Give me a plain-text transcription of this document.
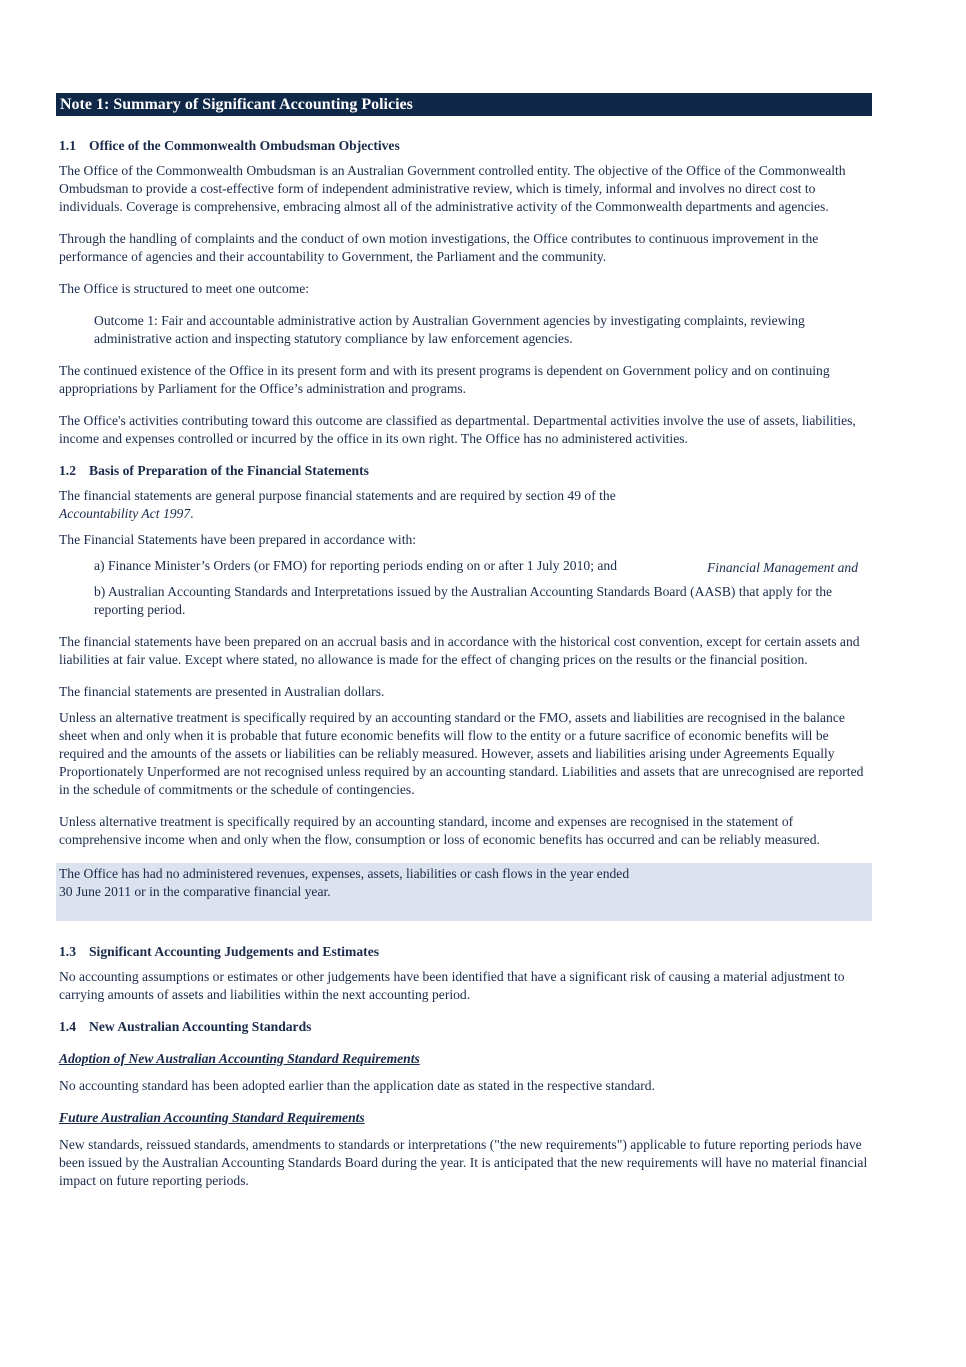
Note 1: Summary of Significant Accounting Policies
1.1 Office of the Commonwealth Ombudsman Objectives

The Office of the Commonwealth Ombudsman is an Australian Government controlled entity. The objective of the Office of the Commonwealth Ombudsman to provide a cost-effective form of independent administrative review, which is timely, informal and involves no direct cost to individuals. Coverage is comprehensive, embracing almost all of the administrative activity of the Commonwealth departments and agencies.

Through the handling of complaints and the conduct of own motion investigations, the Office contributes to continuous improvement in the performance of agencies and their accountability to Government, the Parliament and the community.

The Office is structured to meet one outcome:

Outcome 1: Fair and accountable administrative action by Australian Government agencies by investigating complaints, reviewing administrative action and inspecting statutory compliance by law enforcement agencies.

The continued existence of the Office in its present form and with its present programs is dependent on Government policy and on continuing appropriations by Parliament for the Office’s administration and programs.

The Office's activities contributing toward this outcome are classified as departmental. Departmental activities involve the use of assets, liabilities, income and expenses controlled or incurred by the office in its own right. The Office has no administered activities.

1.2 Basis of Preparation of the Financial Statements

The financial statements are general purpose financial statements and are required by section 49 of the
Accountability Act 1997.

The Financial Statements have been prepared in accordance with:

a) Finance Minister’s Orders (or FMO) for reporting periods ending on or after 1 July 2010; and	Financial Management and

b) Australian Accounting Standards and Interpretations issued by the Australian Accounting Standards Board (AASB) that apply for the reporting period.

The financial statements have been prepared on an accrual basis and in accordance with the historical cost convention, except for certain assets and liabilities at fair value. Except where stated, no allowance is made for the effect of changing prices on the results or the financial position.

The financial statements are presented in Australian dollars.

Unless an alternative treatment is specifically required by an accounting standard or the FMO, assets and liabilities are recognised in the balance sheet when and only when it is probable that future economic benefits will flow to the entity or a future sacrifice of economic benefits will be required and the amounts of the assets or liabilities can be reliably measured. However, assets and liabilities arising under Agreements Equally Proportionately Unperformed are not recognised unless required by an accounting standard. Liabilities and assets that are unrecognised are reported in the schedule of commitments or the schedule of contingencies.

Unless alternative treatment is specifically required by an accounting standard, income and expenses are recognised in the statement of comprehensive income when and only when the flow, consumption or loss of economic benefits has occurred and can be reliably measured.

The Office has had no administered revenues, expenses, assets, liabilities or cash flows in the year ended

30 June 2011 or in the comparative financial year.

1.3 Significant Accounting Judgements and Estimates

No accounting assumptions or estimates or other judgements have been identified that have a significant risk of causing a material adjustment to carrying amounts of assets and liabilities within the next accounting period.

1.4 New Australian Accounting Standards
Adoption of New Australian Accounting Standard Requirements

No accounting standard has been adopted earlier than the application date as stated in the respective standard.

Future Australian Accounting Standard Requirements

New standards, reissued standards, amendments to standards or interpretations ("the new requirements") applicable to future reporting periods have been issued by the Australian Accounting Standards Board during the year. It is anticipated that the new requirements will have no material financial impact on future reporting periods.
